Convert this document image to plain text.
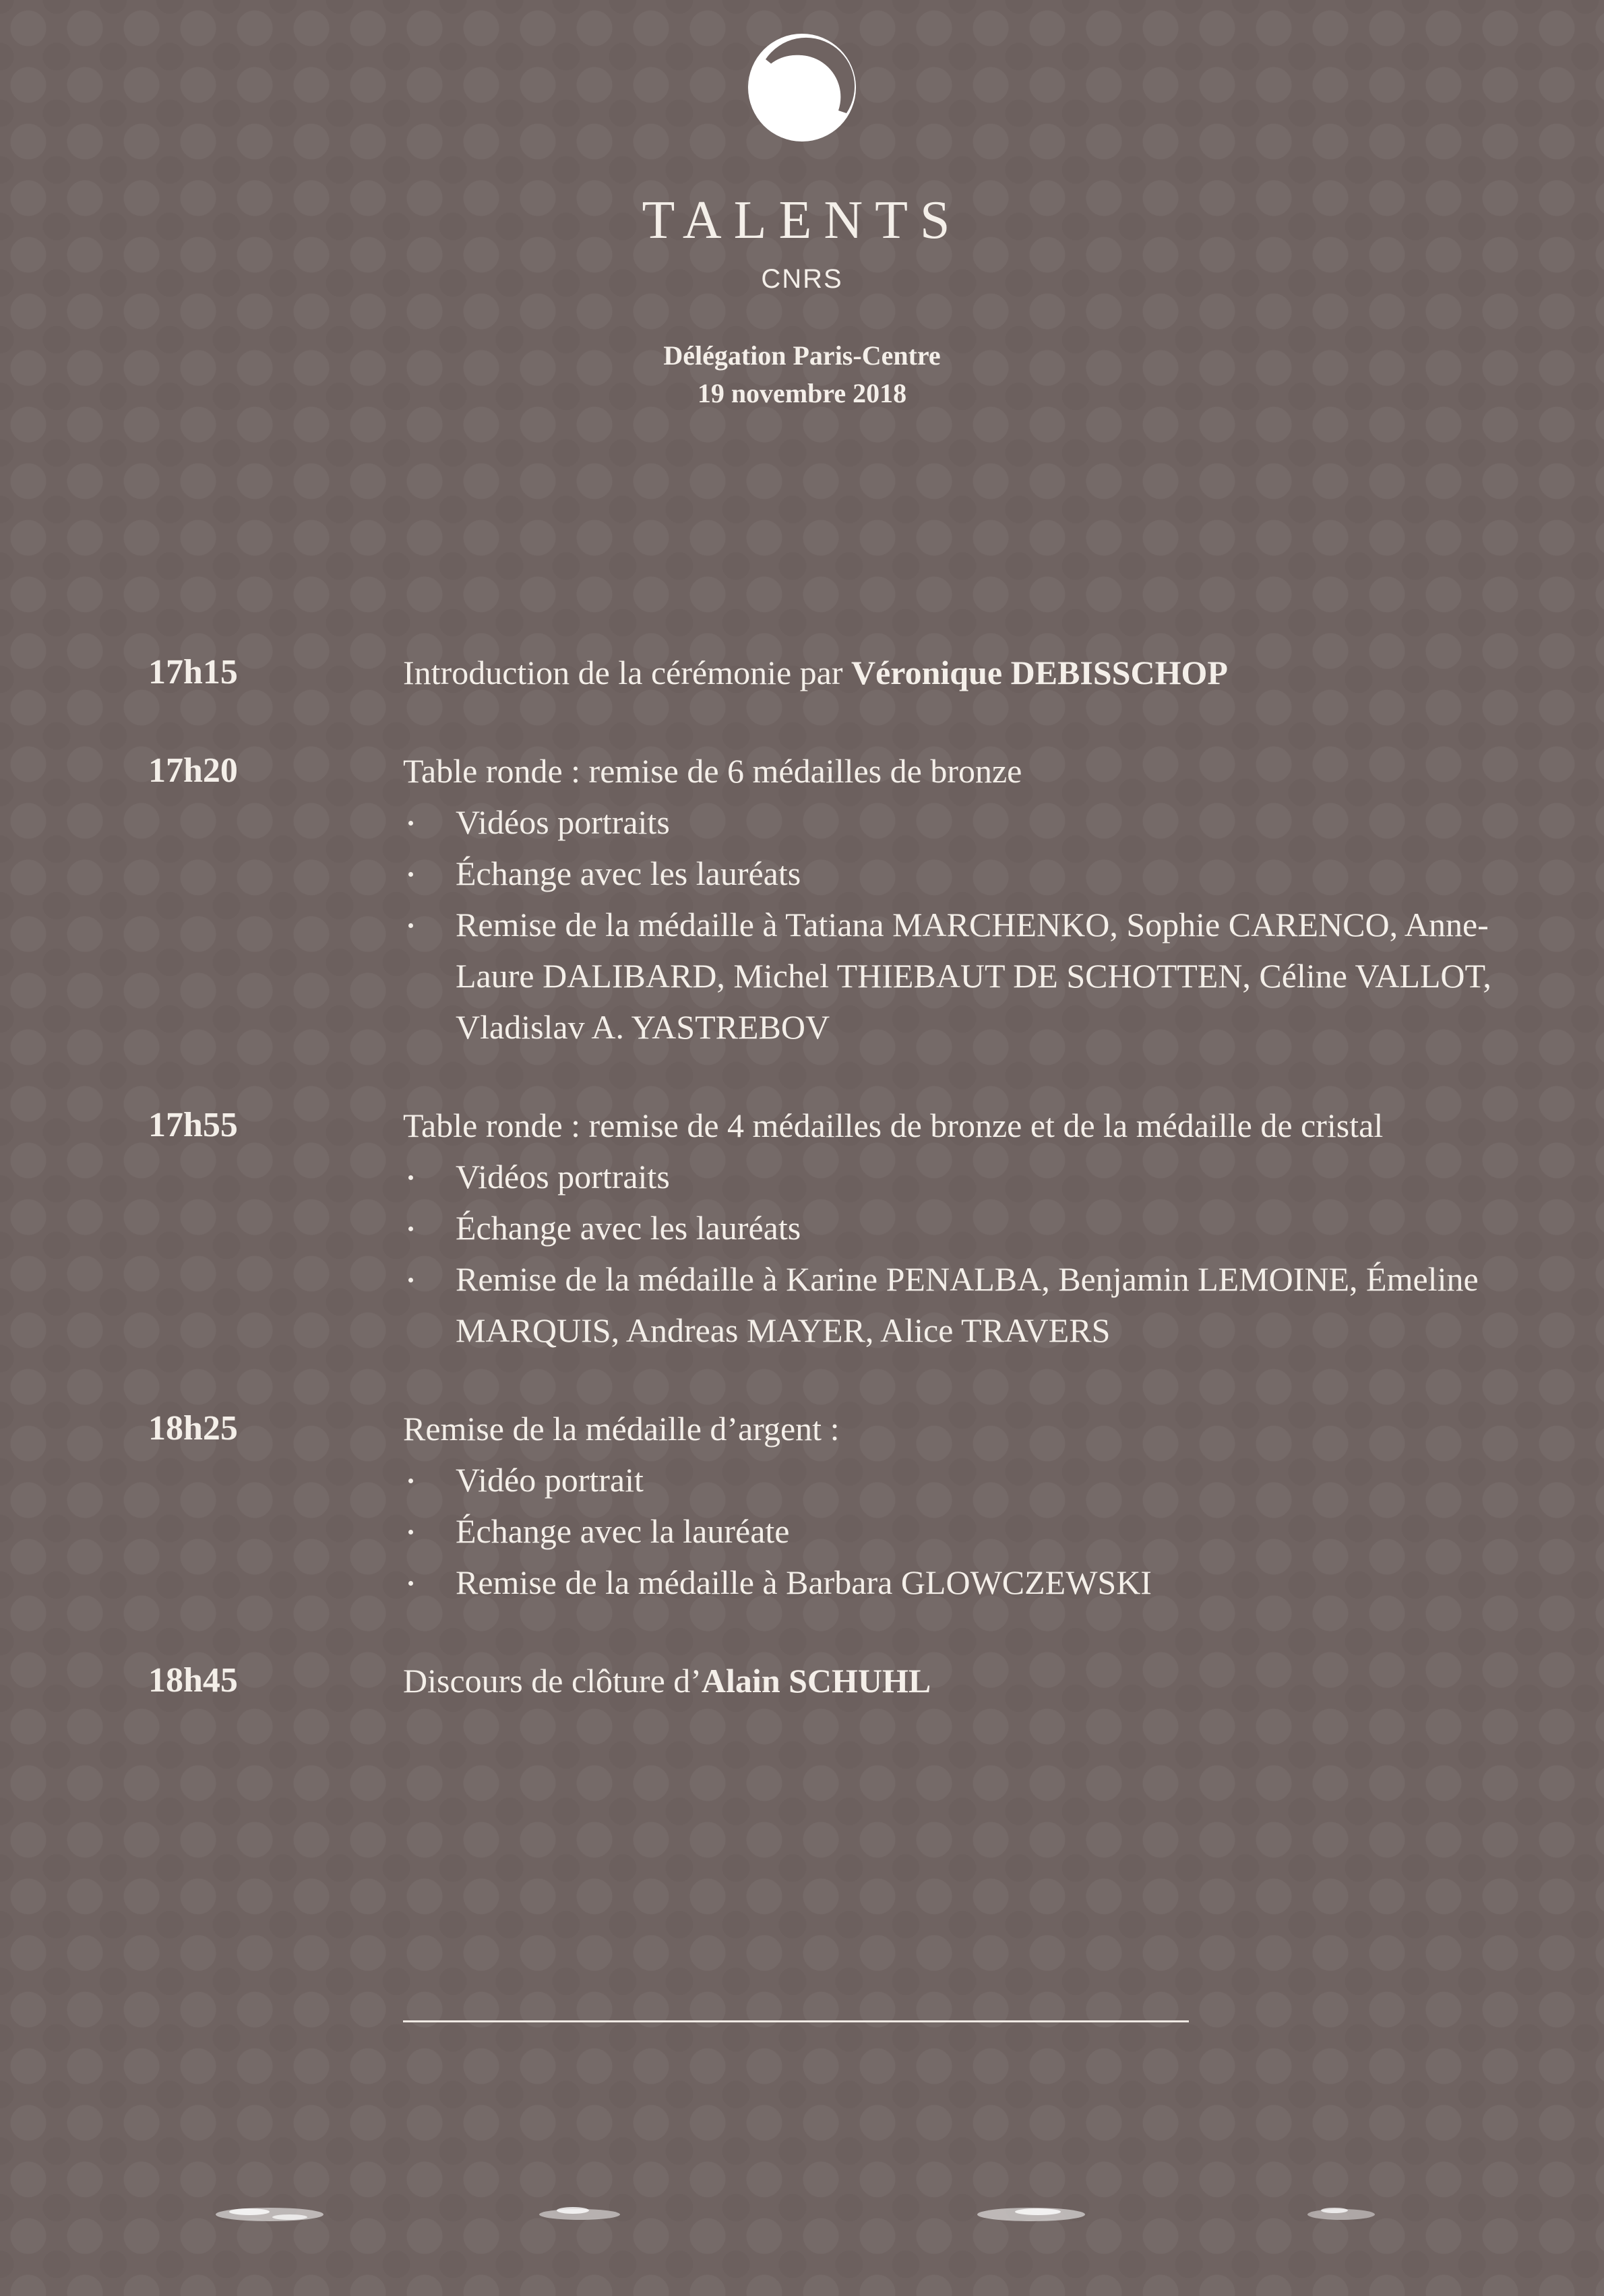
TALENTS
CNRS
Délégation Paris-Centre
19 novembre 2018
17h15	Introduction de la cérémonie par Véronique DEBISSCHOP
17h20	Table ronde : remise de 6 médailles de bronze
Vidéos portraits
Échange avec les lauréats
Remise de la médaille à Tatiana MARCHENKO, Sophie CARENCO, Anne-Laure DALIBARD, Michel THIEBAUT DE SCHOTTEN, Céline VALLOT, Vladislav A. YASTREBOV
17h55	Table ronde : remise de 4 médailles de bronze et de la médaille de cristal
Vidéos portraits
Échange avec les lauréats
Remise de la médaille à Karine PENALBA, Benjamin LEMOINE, Émeline MARQUIS, Andreas MAYER, Alice TRAVERS
18h25	Remise de la médaille d’argent :
Vidéo portrait
Échange avec la lauréate
Remise de la médaille à Barbara GLOWCZEWSKI
18h45	Discours de clôture d’Alain SCHUHL
